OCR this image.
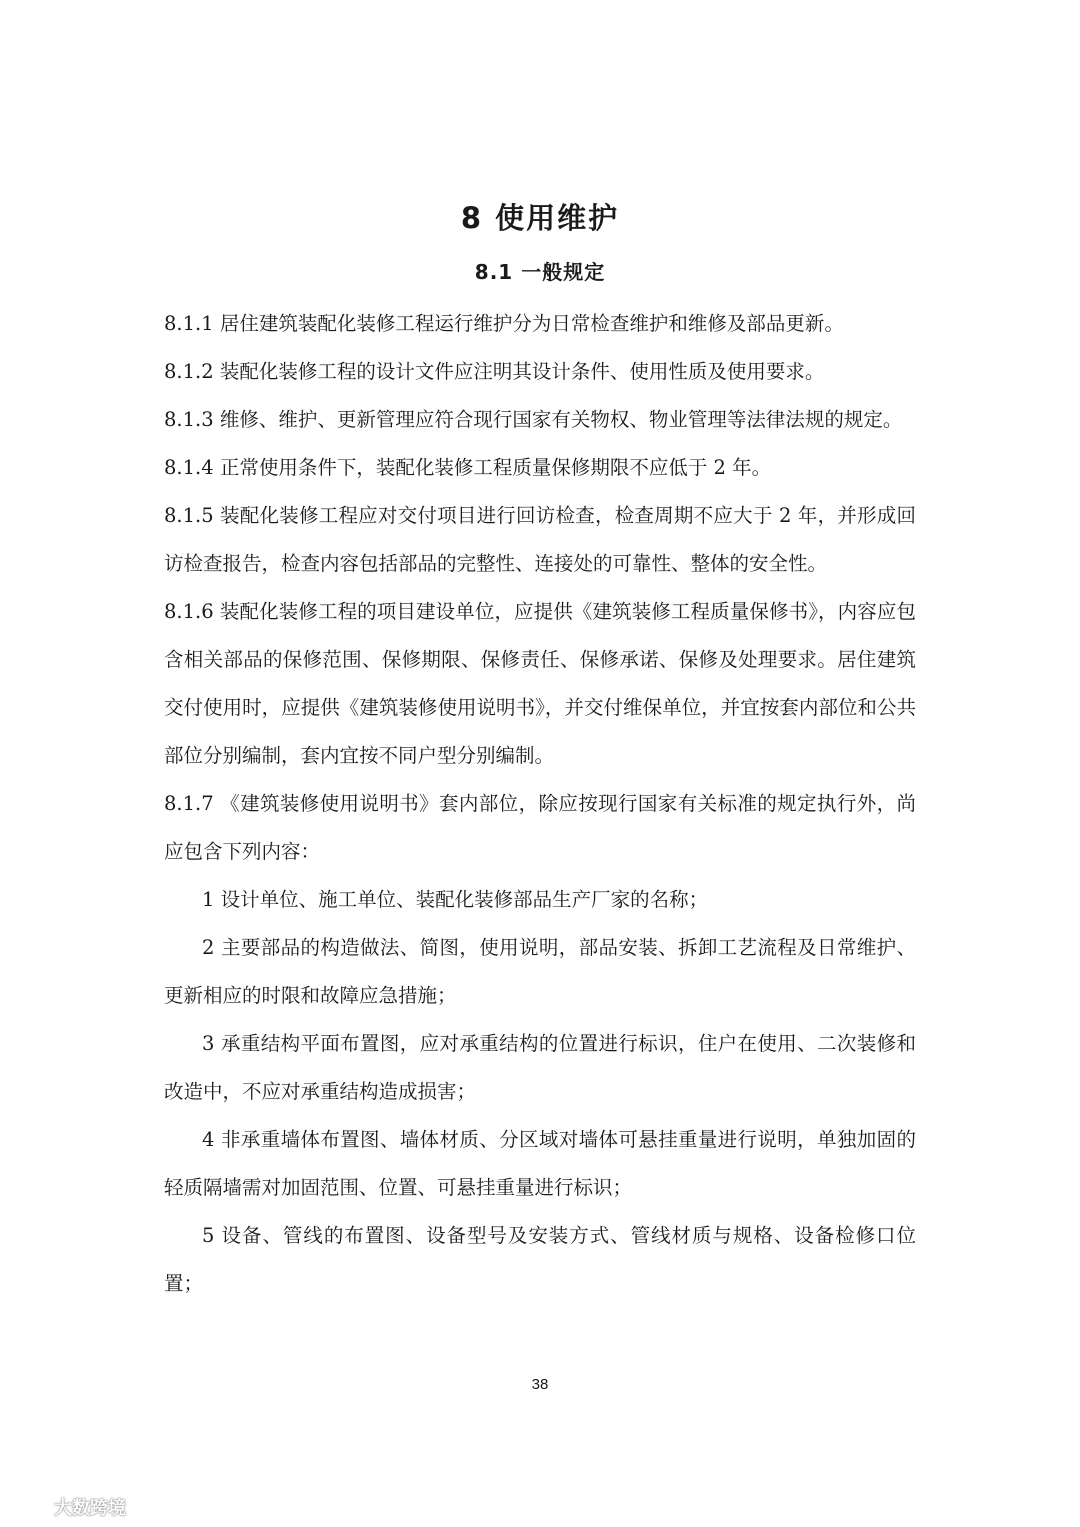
8 使用维护
8.1 一般规定

8.1.1 居住建筑装配化装修工程运行维护分为日常检查维护和维修及部品更新。

8.1.2 装配化装修工程的设计文件应注明其设计条件、使用性质及使用要求。

8.1.3 维修、维护、更新管理应符合现行国家有关物权、物业管理等法律法规的规定。

8.1.4 正常使用条件下，装配化装修工程质量保修期限不应低于 2 年。

8.1.5 装配化装修工程应对交付项目进行回访检查，检查周期不应大于 2 年，并形成回访检查报告，检查内容包括部品的完整性、连接处的可靠性、整体的安全性。

8.1.6 装配化装修工程的项目建设单位，应提供《建筑装修工程质量保修书》，内容应包含相关部品的保修范围、保修期限、保修责任、保修承诺、保修及处理要求。居住建筑交付使用时，应提供《建筑装修使用说明书》，并交付维保单位，并宜按套内部位和公共部位分别编制，套内宜按不同户型分别编制。

8.1.7 《建筑装修使用说明书》套内部位，除应按现行国家有关标准的规定执行外，尚应包含下列内容：

1 设计单位、施工单位、装配化装修部品生产厂家的名称；

2 主要部品的构造做法、简图，使用说明，部品安装、拆卸工艺流程及日常维护、更新相应的时限和故障应急措施；

3 承重结构平面布置图，应对承重结构的位置进行标识，住户在使用、二次装修和改造中，不应对承重结构造成损害；

4 非承重墙体布置图、墙体材质、分区域对墙体可悬挂重量进行说明，单独加固的轻质隔墙需对加固范围、位置、可悬挂重量进行标识；

5 设备、管线的布置图、设备型号及安装方式、管线材质与规格、设备检修口位置；

38
大数跨境
